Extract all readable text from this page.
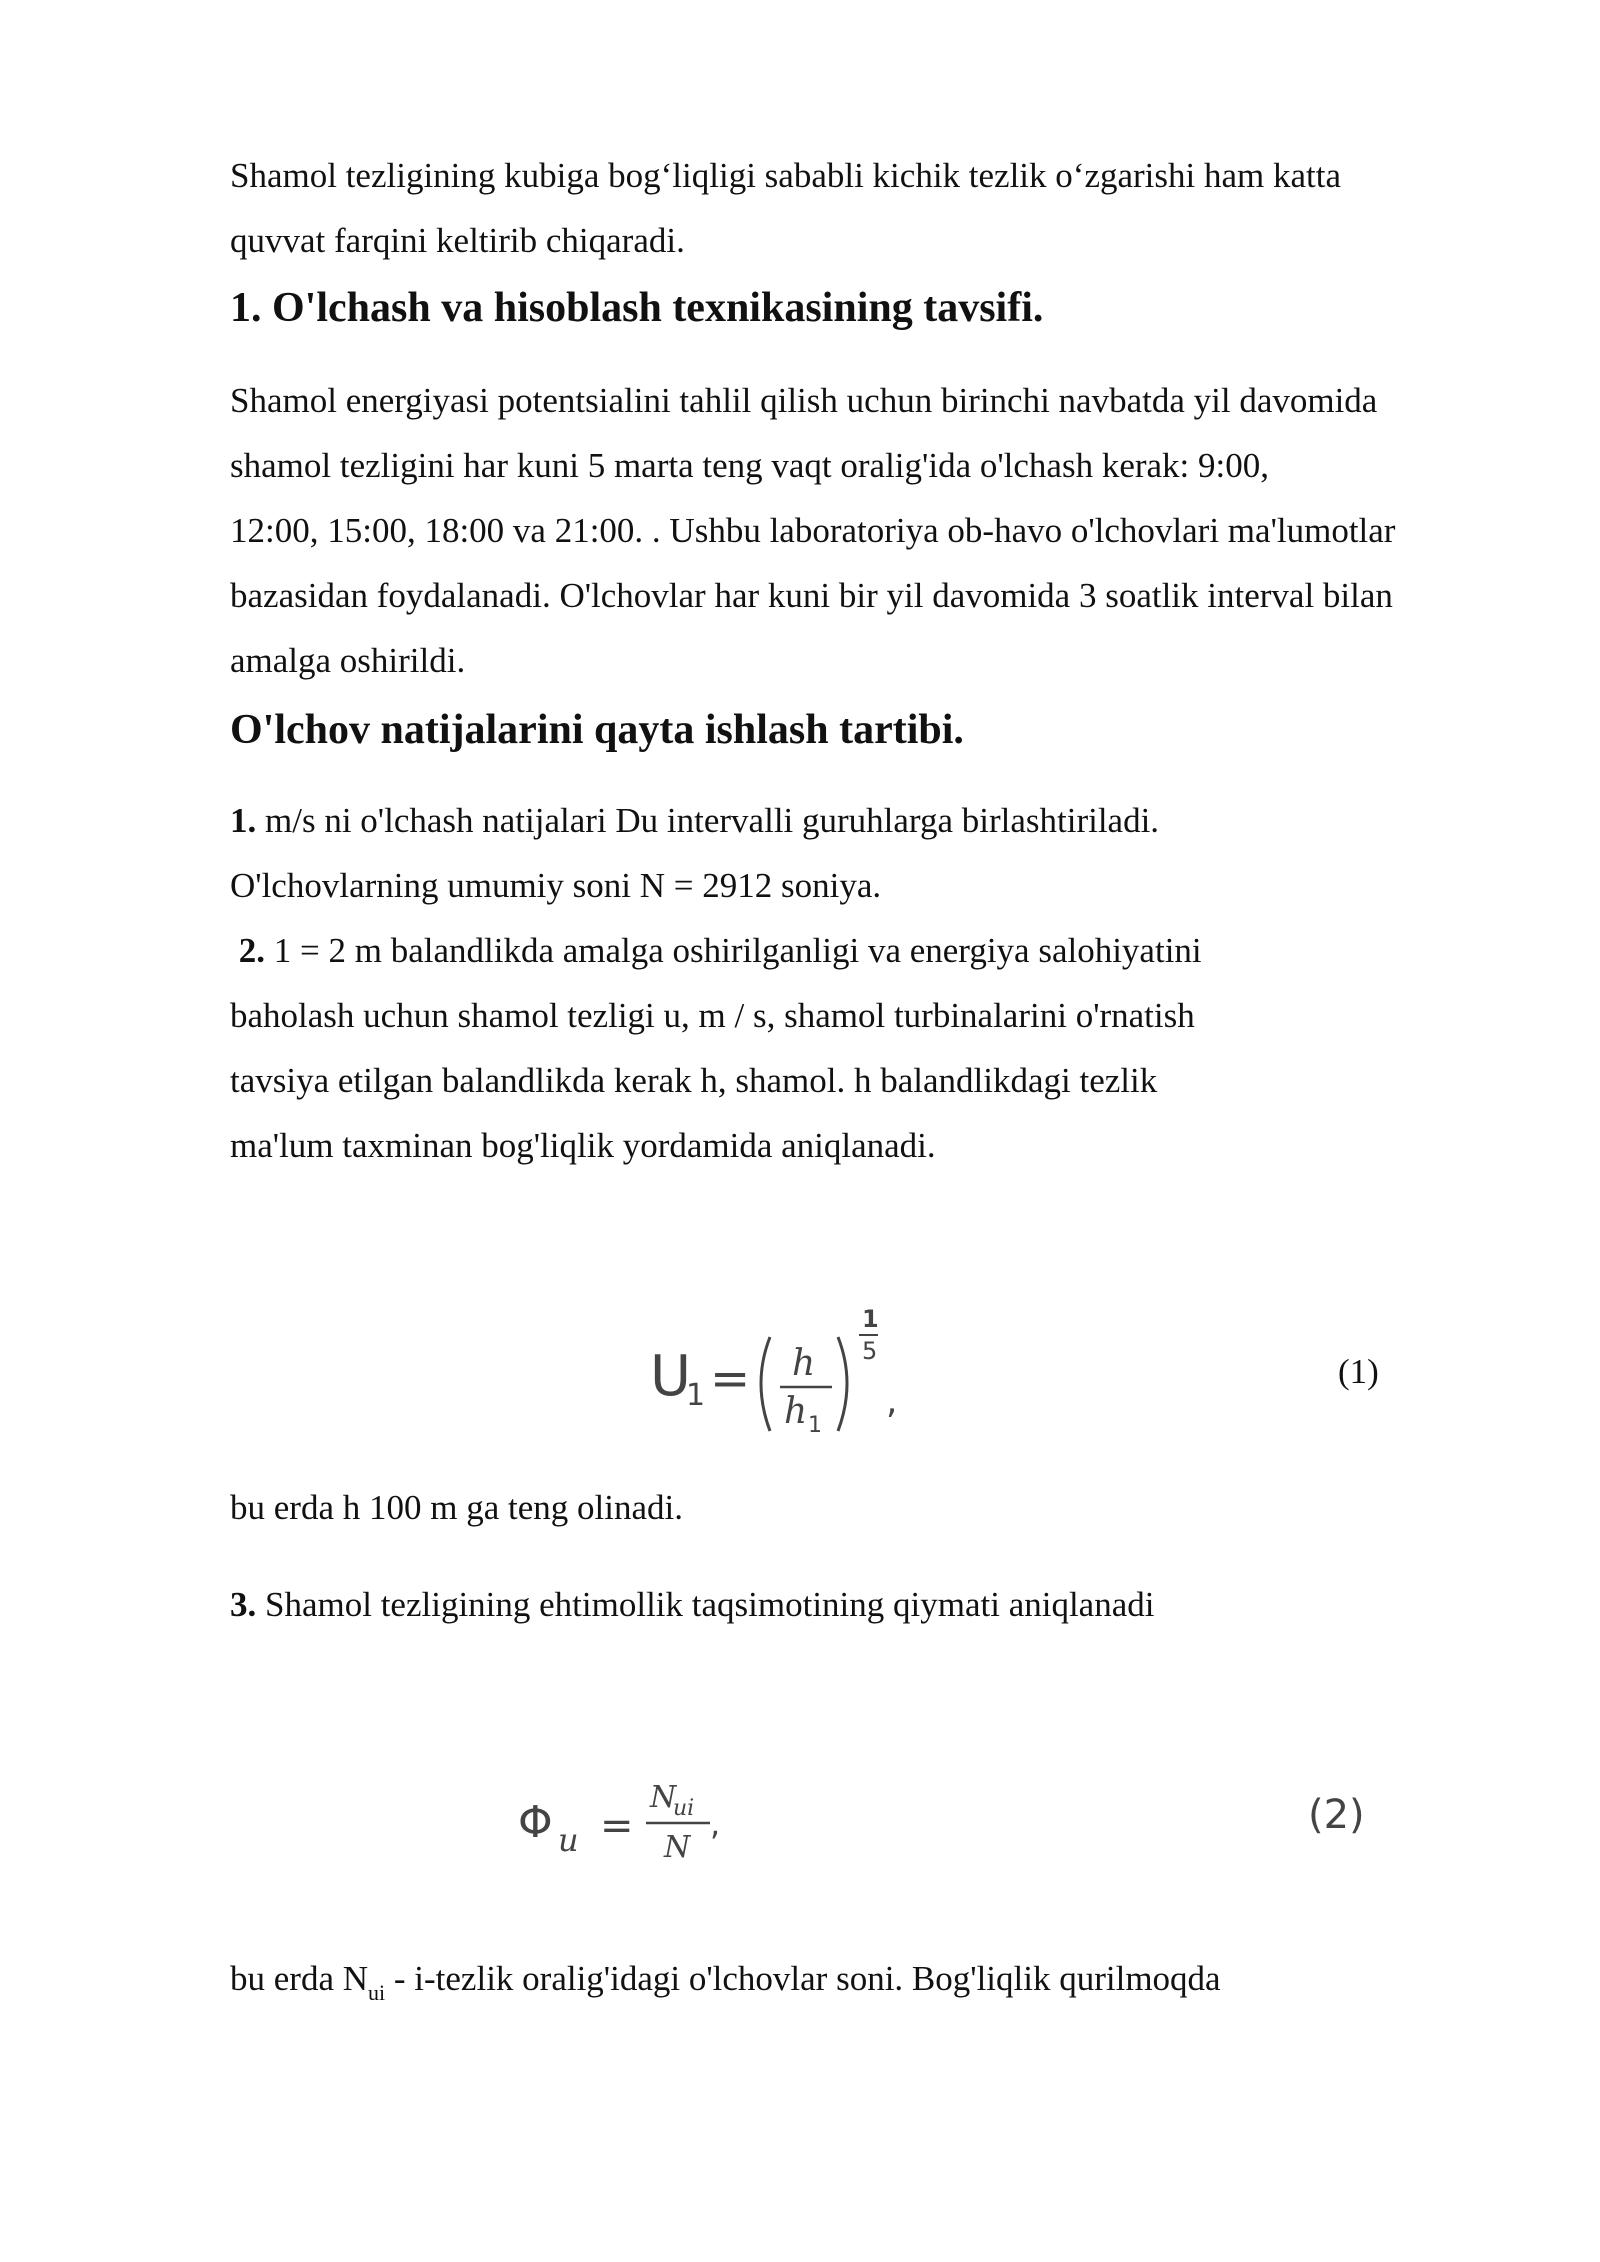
Shamol tezligining kubiga bog‘liqligi sababli kichik tezlik o‘zgarishi ham katta

quvvat farqini keltirib chiqaradi.

1. O'lchash va hisoblash texnikasining tavsifi.

Shamol energiyasi potentsialini tahlil qilish uchun birinchi navbatda yil davomida

shamol tezligini har kuni 5 marta teng vaqt oralig'ida o'lchash kerak: 9:00,

12:00, 15:00, 18:00 va 21:00. . Ushbu laboratoriya ob-havo o'lchovlari ma'lumotlar

bazasidan foydalanadi. O'lchovlar har kuni bir yil davomida 3 soatlik interval bilan

amalga oshirildi.

O'lchov natijalarini qayta ishlash tartibi.

1. m/s ni o'lchash natijalari Du intervalli guruhlarga birlashtiriladi.

O'lchovlarning umumiy soni N = 2912 soniya.

2. 1 = 2 m balandlikda amalga oshirilganligi va energiya salohiyatini

baholash uchun shamol tezligi u, m / s, shamol turbinalarini o'rnatish

tavsiya etilgan balandlikda kerak h, shamol. h balandlikdagi tezlik

ma'lum taxminan bog'liqlik yordamida aniqlanadi.

U
1 = h
h 1
1
5
,
(1)

bu erda h 100 m ga teng olinadi.

3. Shamol tezligining ehtimollik taqsimotining qiymati aniqlanadi

Φ u =
N
ui
N
,	(2)

bu erda $N_{ui}$ - i-tezlik oralig'idagi o'lchovlar soni. Bog'liqlik qurilmoqda
